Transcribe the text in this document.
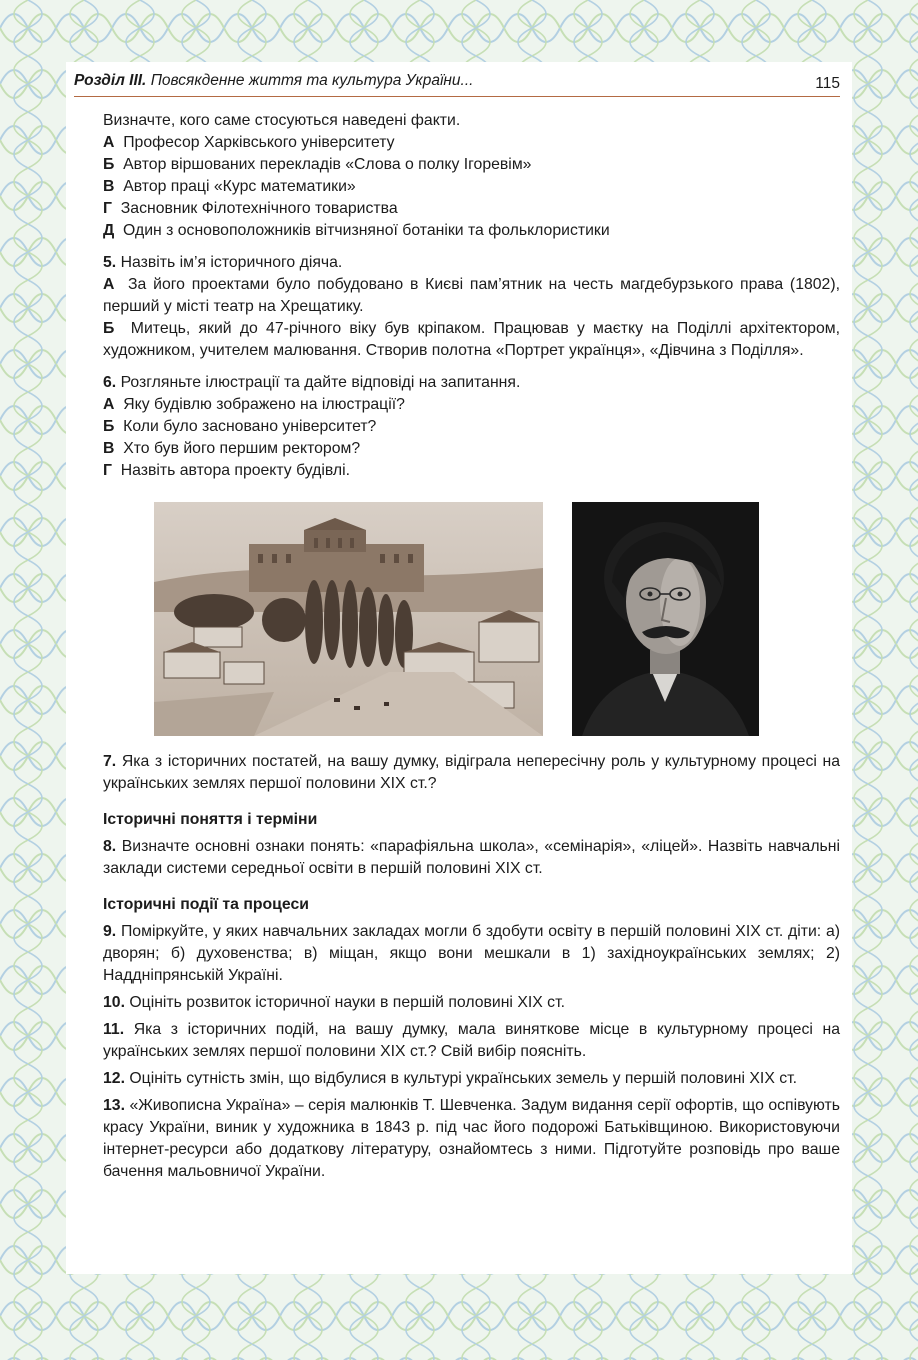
Розділ ІІІ. Повсякденне життя та культура України...	115

Визначте, кого саме стосуються наведені факти.

А Професор Харківського університету
Б Автор віршованих перекладів «Слова о полку Ігоревім»
В Автор праці «Курс математики»
Г Засновник Філотехнічного товариства
Д Один з основоположників вітчизняної ботаніки та фольклористики

5. Назвіть ім’я історичного діяча.

А За його проектами було побудовано в Києві пам’ятник на честь магдебурзького права (1802), перший у місті театр на Хрещатику.

Б Митець, який до 47-річного віку був кріпаком. Працював у маєтку на Поділлі архітектором, художником, учителем малювання. Створив полотна «Портрет українця», «Дівчина з Поділля».

6. Розгляньте ілюстрації та дайте відповіді на запитання.

А Яку будівлю зображено на ілюстрації?
Б Коли було засновано університет?
В Хто був його першим ректором?
Г Назвіть автора проекту будівлі.

7. Яка з історичних постатей, на вашу думку, відіграла непересічну роль у культурному процесі на українських землях першої половини XIX ст.?

Історичні поняття і терміни

8. Визначте основні ознаки понять: «парафіяльна школа», «семінарія», «ліцей». Назвіть навчальні заклади системи середньої освіти в першій половині XIX ст.

Історичні події та процеси

9. Поміркуйте, у яких навчальних закладах могли б здобути освіту в першій половині XIX ст. діти: а) дворян; б) духовенства; в) міщан, якщо вони мешкали в 1) західноукраїнських землях; 2) Наддніпрянській Україні.

10. Оцініть розвиток історичної науки в першій половині XIX ст.

11. Яка з історичних подій, на вашу думку, мала виняткове місце в культурному процесі на українських землях першої половини XIX ст.? Свій вибір поясніть.

12. Оцініть сутність змін, що відбулися в культурі українських земель у першій половині XIX ст.

13. «Живописна Україна» – серія малюнків Т. Шевченка. Задум видання серії офортів, що оспівують красу України, виник у художника в 1843 р. під час його подорожі Батьківщиною. Використовуючи інтернет-ресурси або додаткову літературу, ознайомтесь з ними. Підготуйте розповідь про ваше бачення мальовничої України.
